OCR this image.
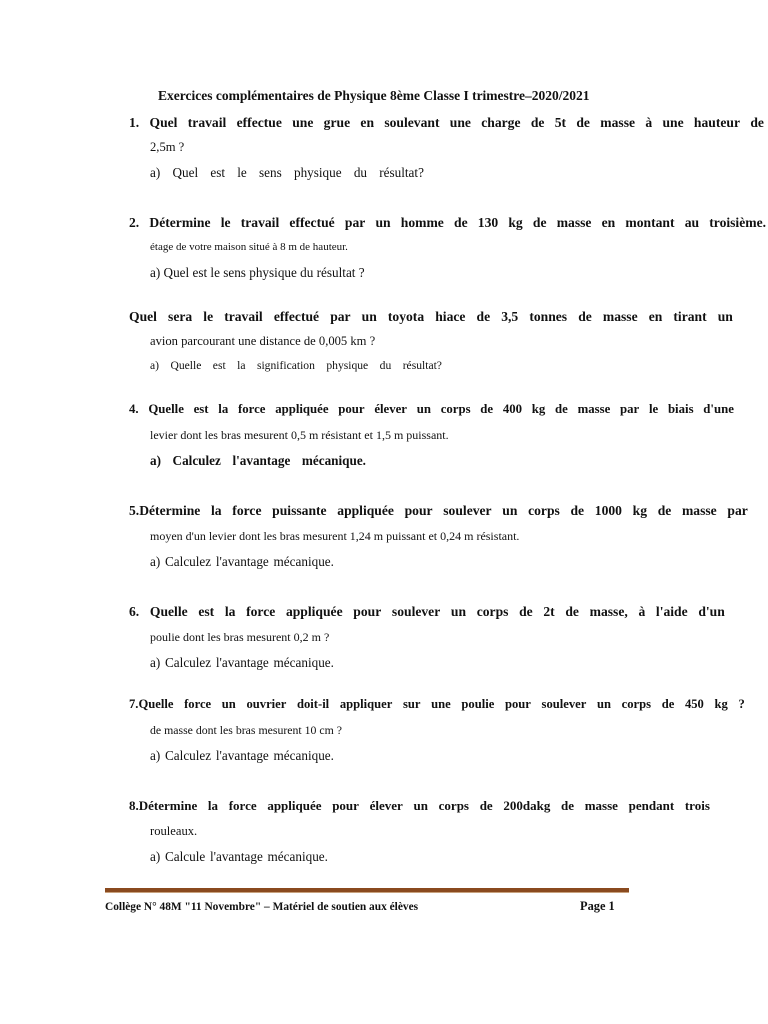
Exercices complémentaires de Physique 8ème Classe I trimestre–2020/2021
1. Quel travail effectue une grue en soulevant une charge de 5t de masse à une hauteur de
2,5m ?
a) Quel est le sens physique du résultat?
2. Détermine le travail effectué par un homme de 130 kg de masse en montant au troisième.
étage de votre maison situé à 8 m de hauteur.
a) Quel est le sens physique du résultat ?
Quel sera le travail effectué par un toyota hiace de 3,5 tonnes de masse en tirant un
avion parcourant une distance de 0,005 km ?
a) Quelle est la signification physique du résultat?
4. Quelle est la force appliquée pour élever un corps de 400 kg de masse par le biais d'une
levier dont les bras mesurent 0,5 m résistant et 1,5 m puissant.
a) Calculez l'avantage mécanique.
5.Détermine la force puissante appliquée pour soulever un corps de 1000 kg de masse par
moyen d'un levier dont les bras mesurent 1,24 m puissant et 0,24 m résistant.
a) Calculez l'avantage mécanique.
6. Quelle est la force appliquée pour soulever un corps de 2t de masse, à l'aide d'un
poulie dont les bras mesurent 0,2 m ?
a) Calculez l'avantage mécanique.
7.Quelle force un ouvrier doit-il appliquer sur une poulie pour soulever un corps de 450 kg ?
de masse dont les bras mesurent 10 cm ?
a) Calculez l'avantage mécanique.
8.Détermine la force appliquée pour élever un corps de 200dakg de masse pendant trois
rouleaux.
a) Calcule l'avantage mécanique.
Collège N° 48M "11 Novembre" – Matériel de soutien aux élèves	Page 1
